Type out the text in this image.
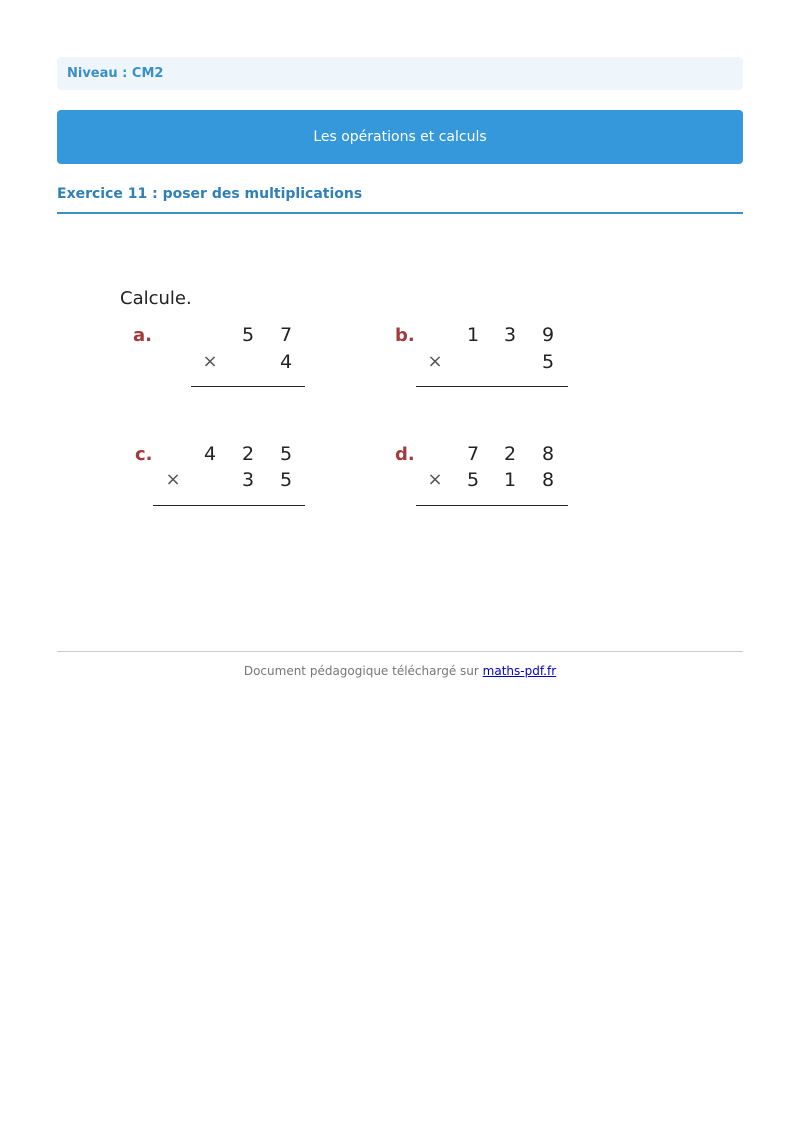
Niveau : CM2
Les opérations et calculs
Exercice 11 : poser des multiplications
Calcule.
a.	5 7
×	4
b.	1 3 9
×	5
c.	4 2 5
×	3 5
d.	7 2 8
× 5 1 8
Document pédagogique téléchargé sur maths-pdf.fr
